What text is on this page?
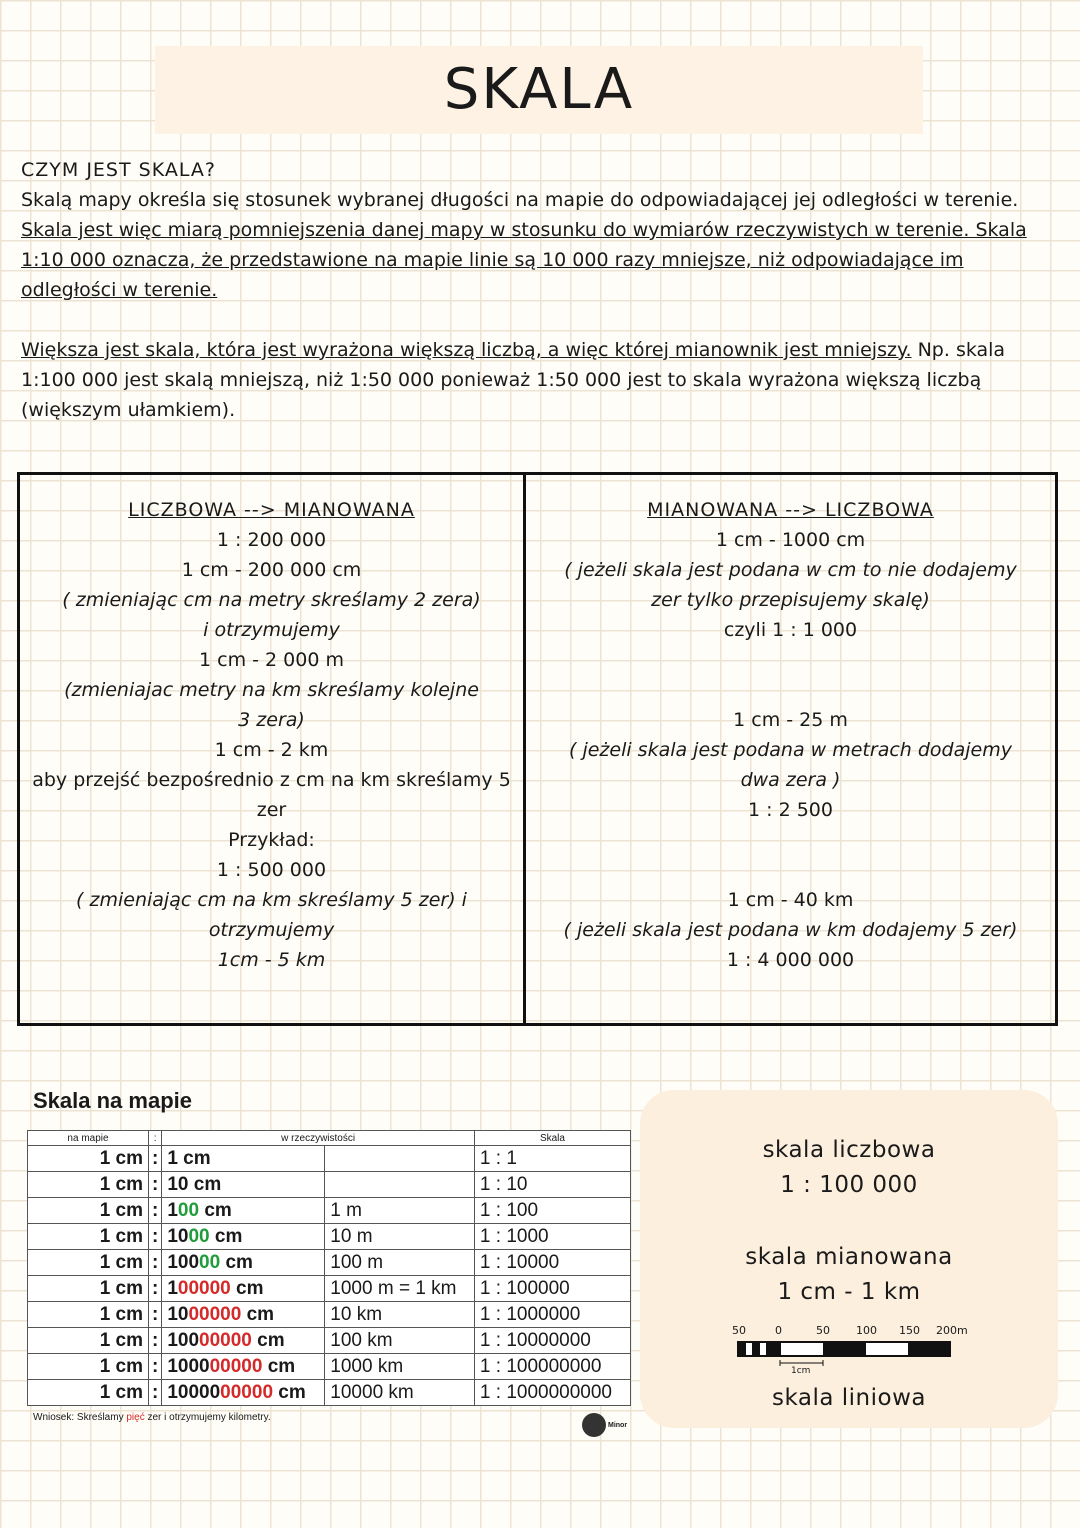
SKALA

CZYM JEST SKALA?

Skalą mapy określa się stosunek wybranej długości na mapie do odpowiadającej jej odległości w terenie. Skala jest więc miarą pomniejszenia danej mapy w stosunku do wymiarów rzeczywistych w terenie. Skala 1:10 000 oznacza, że przedstawione na mapie linie są 10 000 razy mniejsze, niż odpowiadające im odległości w terenie.

Większa jest skala, która jest wyrażona większą liczbą, a więc której mianownik jest mniejszy. Np. skala 1:100 000 jest skalą mniejszą, niż 1:50 000 ponieważ 1:50 000 jest to skala wyrażona większą liczbą (większym ułamkiem).

LICZBOWA --> MIANOWANA
1 : 200 000
1 cm - 200 000 cm
( zmieniając cm na metry skreślamy 2 zera) i otrzymujemy
1 cm - 2 000 m
(zmieniajac metry na km skreślamy kolejne 3 zera)
1 cm - 2 km
aby przejść bezpośrednio z cm na km skreślamy 5 zer
Przykład:
1 : 500 000
( zmieniając cm na km skreślamy 5 zer) i otrzymujemy
1cm - 5 km
MIANOWANA --> LICZBOWA
1 cm - 1000 cm
( jeżeli skala jest podana w cm to nie dodajemy zer tylko przepisujemy skalę)
czyli 1 : 1 000
1 cm - 25 m
( jeżeli skala jest podana w metrach dodajemy dwa zera )
1 : 2 500
1 cm - 40 km
( jeżeli skala jest podana w km dodajemy 5 zer)
1 : 4 000 000
Skala na mapie
na mapie	:	w rzeczywistości		Skala
1 cm	:	1 cm		1 : 1
1 cm	:	10 cm		1 : 10
1 cm	:	100 cm	1 m	1 : 100
1 cm	:	1000 cm	10 m	1 : 1000
1 cm	:	10000 cm	100 m	1 : 10000
1 cm	:	100000 cm	1000 m = 1 km	1 : 100000
1 cm	:	1000000 cm	10 km	1 : 1000000
1 cm	:	10000000 cm	100 km	1 : 10000000
1 cm	:	100000000 cm	1000 km	1 : 100000000
1 cm	:	1000000000 cm	10000 km	1 : 1000000000
Wniosek: Skreślamy pięć zer i otrzymujemy kilometry.
Minor
skala liczbowa
1 : 100 000
skala mianowana
1 cm - 1 km
50	0	50 100 150 200m
1cm
skala liniowa
